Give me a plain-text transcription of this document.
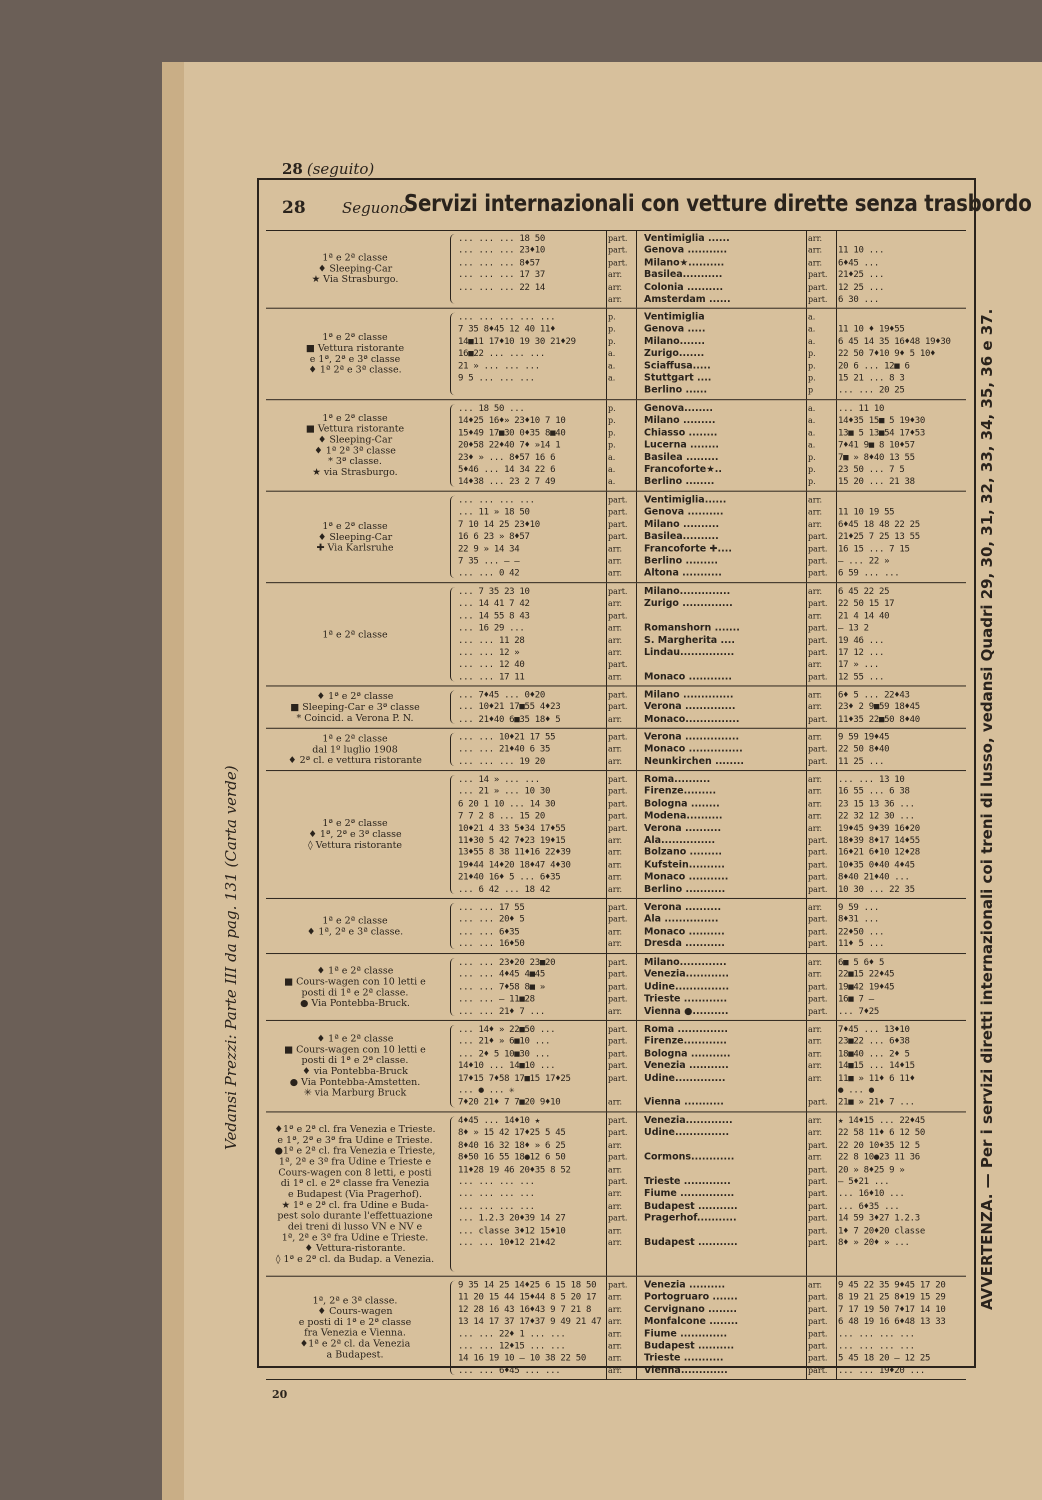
28 (seguito)
28 Seguono
Servizi internazionali con vetture dirette senza trasbordo
1ª e 2ª classe
♦ Sleeping-Car
★ Via Strasburgo.
... ... ... 18 50
... ... ... 23♦10
... ... ... 8♦57
... ... ... 17 37
... ... ... 22 14
part.
part.
part.
arr.
arr.
arr.
Ventimiglia ......
Genova ...........
Milano★..........
Basilea...........
Colonia ..........
Amsterdam ......
arr.
arr.
arr.
part.
part.
part.
11 10 ...
6♦45 ...
21♦25 ...
12 25 ...
6 30 ...
1ª e 2ª classe
■ Vettura ristorante
e 1ª, 2ª e 3ª classe
♦ 1ª 2ª e 3ª classe.
... ... ... ... ...
7 35 8♦45 12 40 11♦
14■11 17♦10 19 30 21♦29
16■22 ... ... ...
21 » ... ... ...
9 5 ... ... ...
p.
p.
p.
a.
a.
a.
Ventimiglia
Genova .....
Milano.......
Zurigo.......
Sciaffusa.....
Stuttgart ....
Berlino ......
a.
a.
a.
p.
p.
p.
p
11 10 ♦ 19♦55
6 45 14 35 16♦48 19♦30
22 50 7♦10 9♦ 5 10♦
20 6 ... 12■ 6
15 21 ... 8 3
... ... 20 25
1ª e 2ª classe
■ Vettura ristorante
♦ Sleeping-Car
♦ 1ª 2ª 3ª classe
* 3ª classe.
★ via Strasburgo.
... 18 50 ...
14♦25 16♦» 23♦10 7 10
15♦49 17■30 0♦35 8■40
20♦58 22♦40 7♦ »14 1
23♦ » ... 8♦57 16 6
5♦46 ... 14 34 22 6
14♦38 ... 23 2 7 49
p.
p.
p.
p.
a.
a.
a.
Genova........
Milano .........
Chiasso ........
Lucerna ........
Basilea .........
Francoforte★..
Berlino ........
a.
a.
a.
a.
p.
p.
p.
... 11 10
14♦35 15■ 5 19♦30
13■ 5 13■54 17♦53
7♦41 9■ 8 10♦57
7■ » 8♦40 13 55
23 50 ... 7 5
15 20 ... 21 38
1ª e 2ª classe
♦ Sleeping-Car
✚ Via Karlsruhe
... ... ... ...
... 11 » 18 50
7 10 14 25 23♦10
16 6 23 » 8♦57
22 9 » 14 34
7 35 ... — —
... ... 0 42
part.
part.
part.
part.
arr.
arr.
arr.
Ventimiglia......
Genova ..........
Milano ..........
Basilea..........
Francoforte ✚....
Berlino .........
Altona ...........
arr.
arr.
arr.
part.
part.
part.
part.
11 10 19 55
6♦45 18 48 22 25
21♦25 7 25 13 55
16 15 ... 7 15
— ... 22 »
6 59 ... ...
1ª e 2ª classe
... 7 35 23 10
... 14 41 7 42
... 14 55 8 43
... 16 29 ...
... ... 11 28
... ... 12 »
... ... 12 40
... ... 17 11
part.
arr.
part.
arr.
arr.
arr.
part.
arr.
Milano..............
Zurigo ..............
Romanshorn .......
S. Margherita ....
Lindau...............
Monaco ............
arr.
part.
arr.
part.
part.
part.
arr.
part.
6 45 22 25
22 50 15 17
21 4 14 40
— 13 2
19 46 ...
17 12 ...
17 » ...
12 55 ...
♦ 1ª e 2ª classe
■ Sleeping-Car e 3ª classe
* Coincid. a Verona P. N.
... 7♦45 ... 0♦20
... 10♦21 17■55 4♦23
... 21♦40 6■35 18♦ 5
part.
part.
arr.
Milano ..............
Verona ..............
Monaco...............
arr.
arr.
part.
6♦ 5 ... 22♦43
23♦ 2 9■59 18♦45
11♦35 22■50 8♦40
1ª e 2ª classe
dal 1º luglio 1908
♦ 2ª cl. e vettura ristorante
... ... 10♦21 17 55
... ... 21♦40 6 35
... ... ... 19 20
part.
arr.
arr.
Verona ...............
Monaco ...............
Neunkirchen ........
arr.
part.
part.
9 59 19♦45
22 50 8♦40
11 25 ...
1ª e 2ª classe
♦ 1ª, 2ª e 3ª classe
◊ Vettura ristorante
... 14 » ... ...
... 21 » ... 10 30
6 20 1 10 ... 14 30
7 7 2 8 ... 15 20
10♦21 4 33 5♦34 17♦55
11♦30 5 42 7♦23 19♦15
13♦55 8 38 11♦16 22♦39
19♦44 14♦20 18♦47 4♦30
21♦40 16♦ 5 ... 6♦35
... 6 42 ... 18 42
part.
part.
part.
part.
part.
arr.
arr.
arr.
arr.
arr.
Roma..........
Firenze.........
Bologna ........
Modena..........
Verona ..........
Ala...............
Bolzano .........
Kufstein..........
Monaco ...........
Berlino ...........
arr.
arr.
arr.
arr.
arr.
part.
part.
part.
part.
part.
... ... 13 10
16 55 ... 6 38
23 15 13 36 ...
22 32 12 30 ...
19♦45 9♦39 16♦20
18♦39 8♦17 14♦55
16♦21 6♦10 12♦28
10♦35 0♦40 4♦45
8♦40 21♦40 ...
10 30 ... 22 35
1ª e 2ª classe
♦ 1ª, 2ª e 3ª classe.
... ... 17 55
... ... 20♦ 5
... ... 6♦35
... ... 16♦50
part.
part.
arr.
arr.
Verona ..........
Ala ...............
Monaco ..........
Dresda ...........
arr.
part.
part.
part.
9 59 ...
8♦31 ...
22♦50 ...
11♦ 5 ...
♦ 1ª e 2ª classe
■ Cours-wagen con 10 letti e
posti di 1ª e 2ª classe.
● Via Pontebba-Bruck.
... ... 23♦20 23■20
... ... 4♦45 4■45
... ... 7♦58 8■ »
... ... — 11■28
... ... 21♦ 7 ...
part.
part.
part.
part.
arr.
Milano.............
Venezia............
Udine...............
Trieste ............
Vienna ●..........
arr.
arr.
part.
part.
part.
6■ 5 6♦ 5
22■15 22♦45
19■42 19♦45
16■ 7 —
... 7♦25
♦ 1ª e 2ª classe
■ Cours-wagen con 10 letti e
posti di 1ª e 2ª classe.
♦ via Pontebba-Bruck
● Via Pontebba-Amstetten.
✳ via Marburg Bruck
... 14♦ » 22■50 ...
... 21♦ » 6■10 ...
... 2♦ 5 10■30 ...
14♦10 ... 14■10 ...
17♦15 7♦58 17■15 17♦25
... ● ... ✳
7♦20 21♦ 7 7■20 9♦10
part.
part.
part.
part.
part.
arr.
Roma ..............
Firenze............
Bologna ...........
Venezia ...........
Udine..............
Vienna ...........
arr.
arr.
arr.
arr.
arr.
part.
7♦45 ... 13♦10
23■22 ... 6♦38
18■40 ... 2♦ 5
14■15 ... 14♦15
11■ » 11♦ 6 11♦
● ... ●
21■ » 21♦ 7 ...
♦1ª e 2ª cl. fra Venezia e Trieste.
e 1ª, 2ª e 3ª fra Udine e Trieste.
●1ª e 2ª cl. fra Venezia e Trieste,
1ª, 2ª e 3ª fra Udine e Trieste e
Cours-wagen con 8 letti, e posti
di 1ª cl. e 2ª classe fra Venezia
e Budapest (Via Pragerhof).
★ 1ª e 2ª cl. fra Udine e Buda-
pest solo durante l'effettuazione
dei treni di lusso VN e NV e
1ª, 2ª e 3ª fra Udine e Trieste.
♦ Vettura-ristorante.
◊ 1ª e 2ª cl. da Budap. a Venezia.
4♦45 ... 14♦10 ★
8♦ » 15 42 17♦25 5 45
8♦40 16 32 18♦ » 6 25
8♦50 16 55 18●12 6 50
11♦28 19 46 20♦35 8 52
... ... ... ...
... ... ... ...
... ... ... ...
... 1.2.3 20♦39 14 27
... classe 3♦12 15♦10
... ... 10♦12 21♦42
part.
part.
arr.
part.
arr.
part.
arr.
arr.
part.
arr.
arr.
Venezia.............
Udine...............
Cormons............
Trieste .............
Fiume ...............
Budapest ...........
Pragerhof...........
Budapest ...........
arr.
arr.
part.
arr.
part.
part.
part.
part.
part.
part.
part.
★ 14♦15 ... 22♦45
22 58 11♦ 6 12 50
22 20 10♦35 12 5
22 8 10●23 11 36
20 » 8♦25 9 »
— 5♦21 ...
... 16♦10 ...
... 6♦35 ...
14 59 3♦27 1.2.3
1♦ 7 20♦20 classe
8♦ » 20♦ » ...
1ª, 2ª e 3ª classe.
♦ Cours-wagen
e posti di 1ª e 2ª classe
fra Venezia e Vienna.
♦1ª e 2ª cl. da Venezia
a Budapest.
9 35 14 25 14♦25 6 15 18 50
11 20 15 44 15♦44 8 5 20 17
12 28 16 43 16♦43 9 7 21 8
13 14 17 37 17♦37 9 49 21 47
... ... 22♦ 1 ... ...
... ... 12♦15 ... ...
14 16 19 10 — 10 38 22 50
... ... 6♦45 ... ...
part.
arr.
arr.
arr.
arr.
arr.
arr.
arr.
Venezia ..........
Portogruaro .......
Cervignano ........
Monfalcone ........
Fiume .............
Budapest ..........
Trieste ...........
Vienna.............
arr.
part.
part.
part.
part.
part.
part.
part.
9 45 22 35 9♦45 17 20
8 19 21 25 8♦19 15 29
7 17 19 50 7♦17 14 10
6 48 19 16 6♦48 13 33
... ... ... ...
... ... ... ...
5 45 18 20 — 12 25
... ... 19♦20 ...
20
Vedansi Prezzi: Parte III da pag. 131 (Carta verde)	AVVERTENZA. — Per i servizi diretti internazionali coi treni di lusso, vedansi Quadri 29, 30, 31, 32, 33, 34, 35, 36 e 37.
